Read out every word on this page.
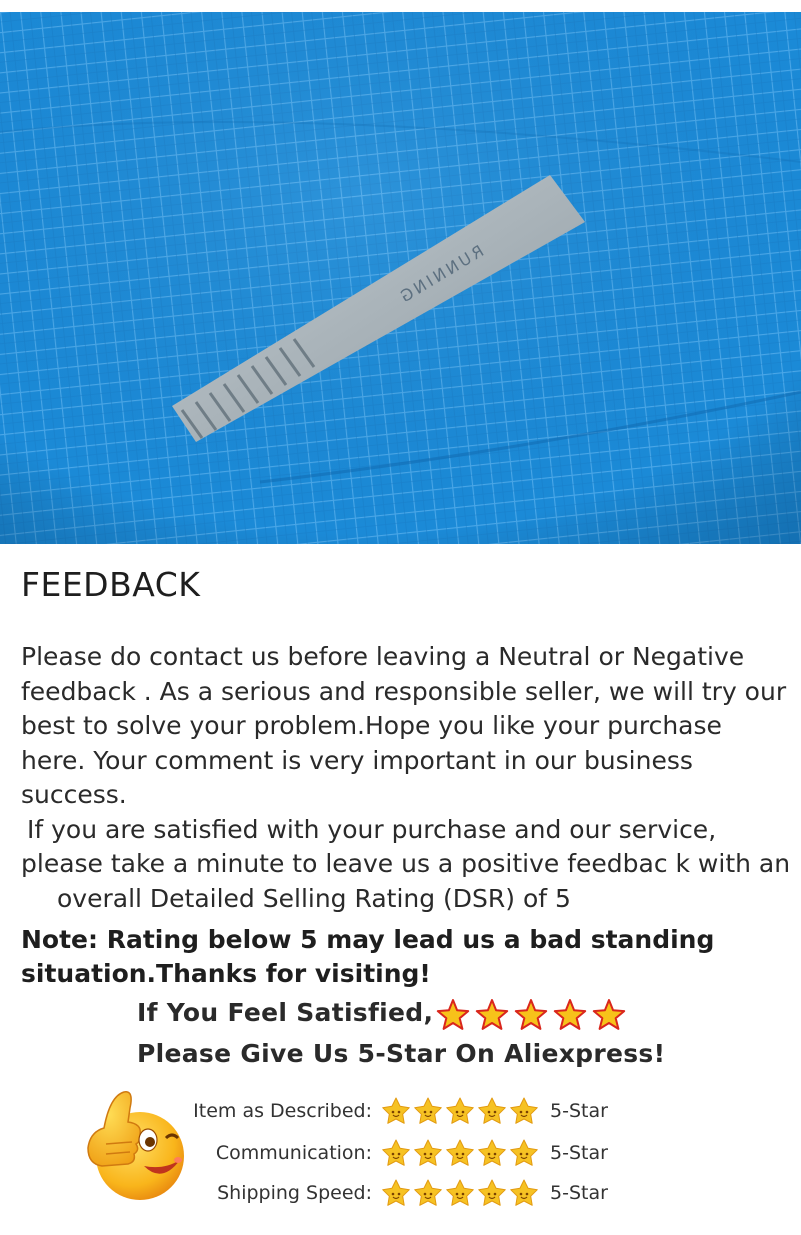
RUNNING
FEEDBACK

Please do contact us before leaving a Neutral or Negative

feedback . As a serious and responsible seller, we will try our

best to solve your problem.Hope you like your purchase

here. Your comment is very important in our business

success.

If you are satisfied with your purchase and our service,

please take a minute to leave us a positive feedbac k with an

overall Detailed Selling Rating (DSR) of 5

Note: Rating below 5 may lead us a bad standing
situation.Thanks for visiting!
If You Feel Satisfied,
Please Give Us 5-Star On Aliexpress!
Item as Described:	5-Star
Communication:	5-Star
Shipping Speed:	5-Star
